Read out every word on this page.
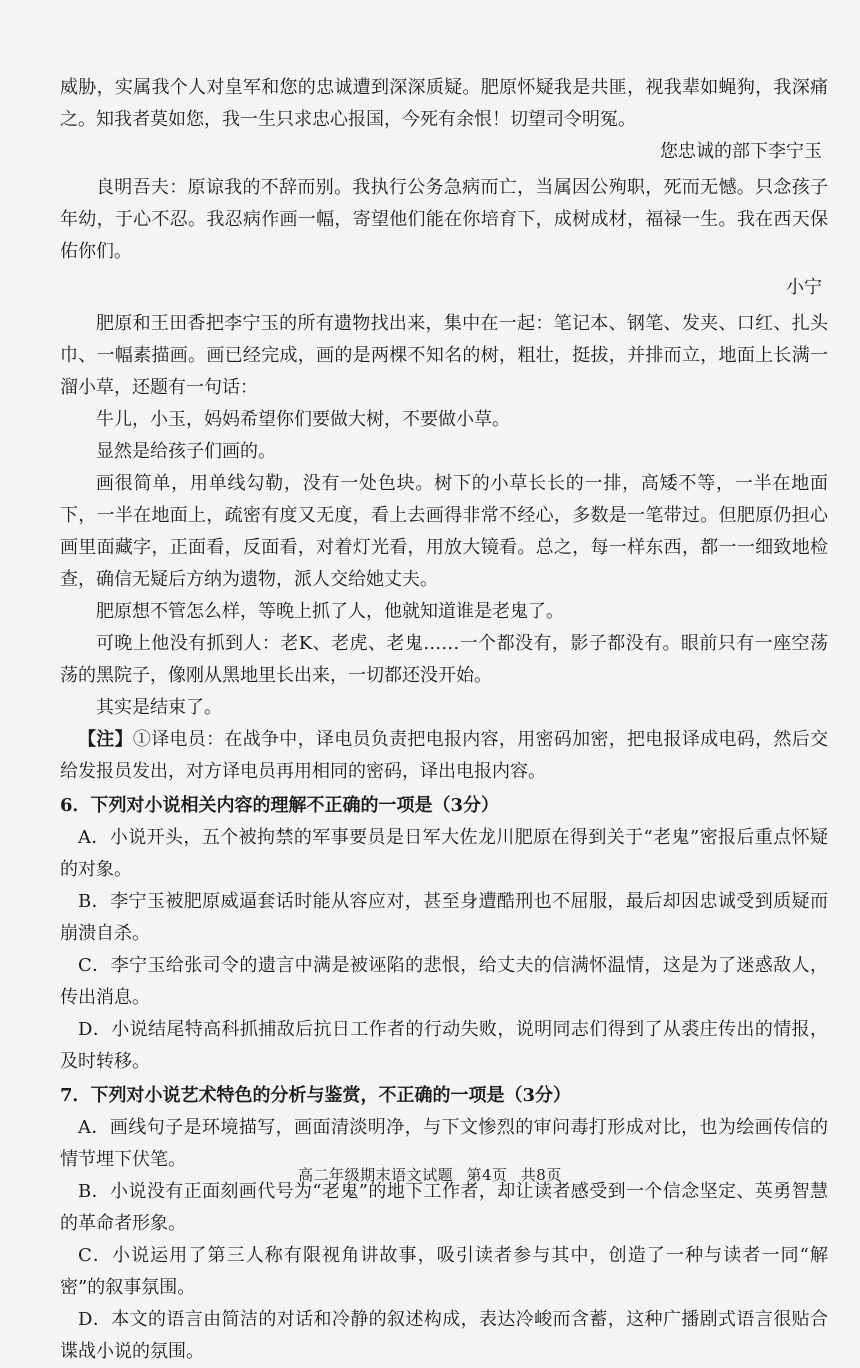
威胁，实属我个人对皇军和您的忠诚遭到深深质疑。肥原怀疑我是共匪，视我辈如蝇狗，我深痛之。知我者莫如您，我一生只求忠心报国，今死有余恨！切望司令明冤。

您忠诚的部下李宁玉

良明吾夫：原谅我的不辞而别。我执行公务急病而亡，当属因公殉职，死而无憾。只念孩子年幼，于心不忍。我忍病作画一幅，寄望他们能在你培育下，成树成材，福禄一生。我在西天保佑你们。

小宁

肥原和王田香把李宁玉的所有遗物找出来，集中在一起：笔记本、钢笔、发夹、口红、扎头巾、一幅素描画。画已经完成，画的是两棵不知名的树，粗壮，挺拔，并排而立，地面上长满一溜小草，还题有一句话：

牛儿，小玉，妈妈希望你们要做大树，不要做小草。

显然是给孩子们画的。

画很简单，用单线勾勒，没有一处色块。树下的小草长长的一排，高矮不等，一半在地面下，一半在地面上，疏密有度又无度，看上去画得非常不经心，多数是一笔带过。但肥原仍担心画里面藏字，正面看，反面看，对着灯光看，用放大镜看。总之，每一样东西，都一一细致地检查，确信无疑后方纳为遗物，派人交给她丈夫。

肥原想不管怎么样，等晚上抓了人，他就知道谁是老鬼了。

可晚上他没有抓到人：老K、老虎、老鬼……一个都没有，影子都没有。眼前只有一座空荡荡的黑院子，像刚从黑地里长出来，一切都还没开始。

其实是结束了。

【注】①译电员：在战争中，译电员负责把电报内容，用密码加密，把电报译成电码，然后交给发报员发出，对方译电员再用相同的密码，译出电报内容。

6．下列对小说相关内容的理解不正确的一项是（3分）

A．小说开头，五个被拘禁的军事要员是日军大佐龙川肥原在得到关于“老鬼”密报后重点怀疑的对象。

B．李宁玉被肥原威逼套话时能从容应对，甚至身遭酷刑也不屈服，最后却因忠诚受到质疑而崩溃自杀。

C．李宁玉给张司令的遗言中满是被诬陷的悲恨，给丈夫的信满怀温情，这是为了迷惑敌人，传出消息。

D．小说结尾特高科抓捕敌后抗日工作者的行动失败，说明同志们得到了从裘庄传出的情报，及时转移。

7．下列对小说艺术特色的分析与鉴赏，不正确的一项是（3分）

A．画线句子是环境描写，画面清淡明净，与下文惨烈的审问毒打形成对比，也为绘画传信的情节埋下伏笔。

B．小说没有正面刻画代号为“老鬼”的地下工作者，却让读者感受到一个信念坚定、英勇智慧的革命者形象。

C．小说运用了第三人称有限视角讲故事，吸引读者参与其中，创造了一种与读者一同“解密”的叙事氛围。

D．本文的语言由简洁的对话和冷静的叙述构成，表达冷峻而含蓄，这种广播剧式语言很贴合谍战小说的氛围。

高二年级期末语文试题 第4页 共8页
